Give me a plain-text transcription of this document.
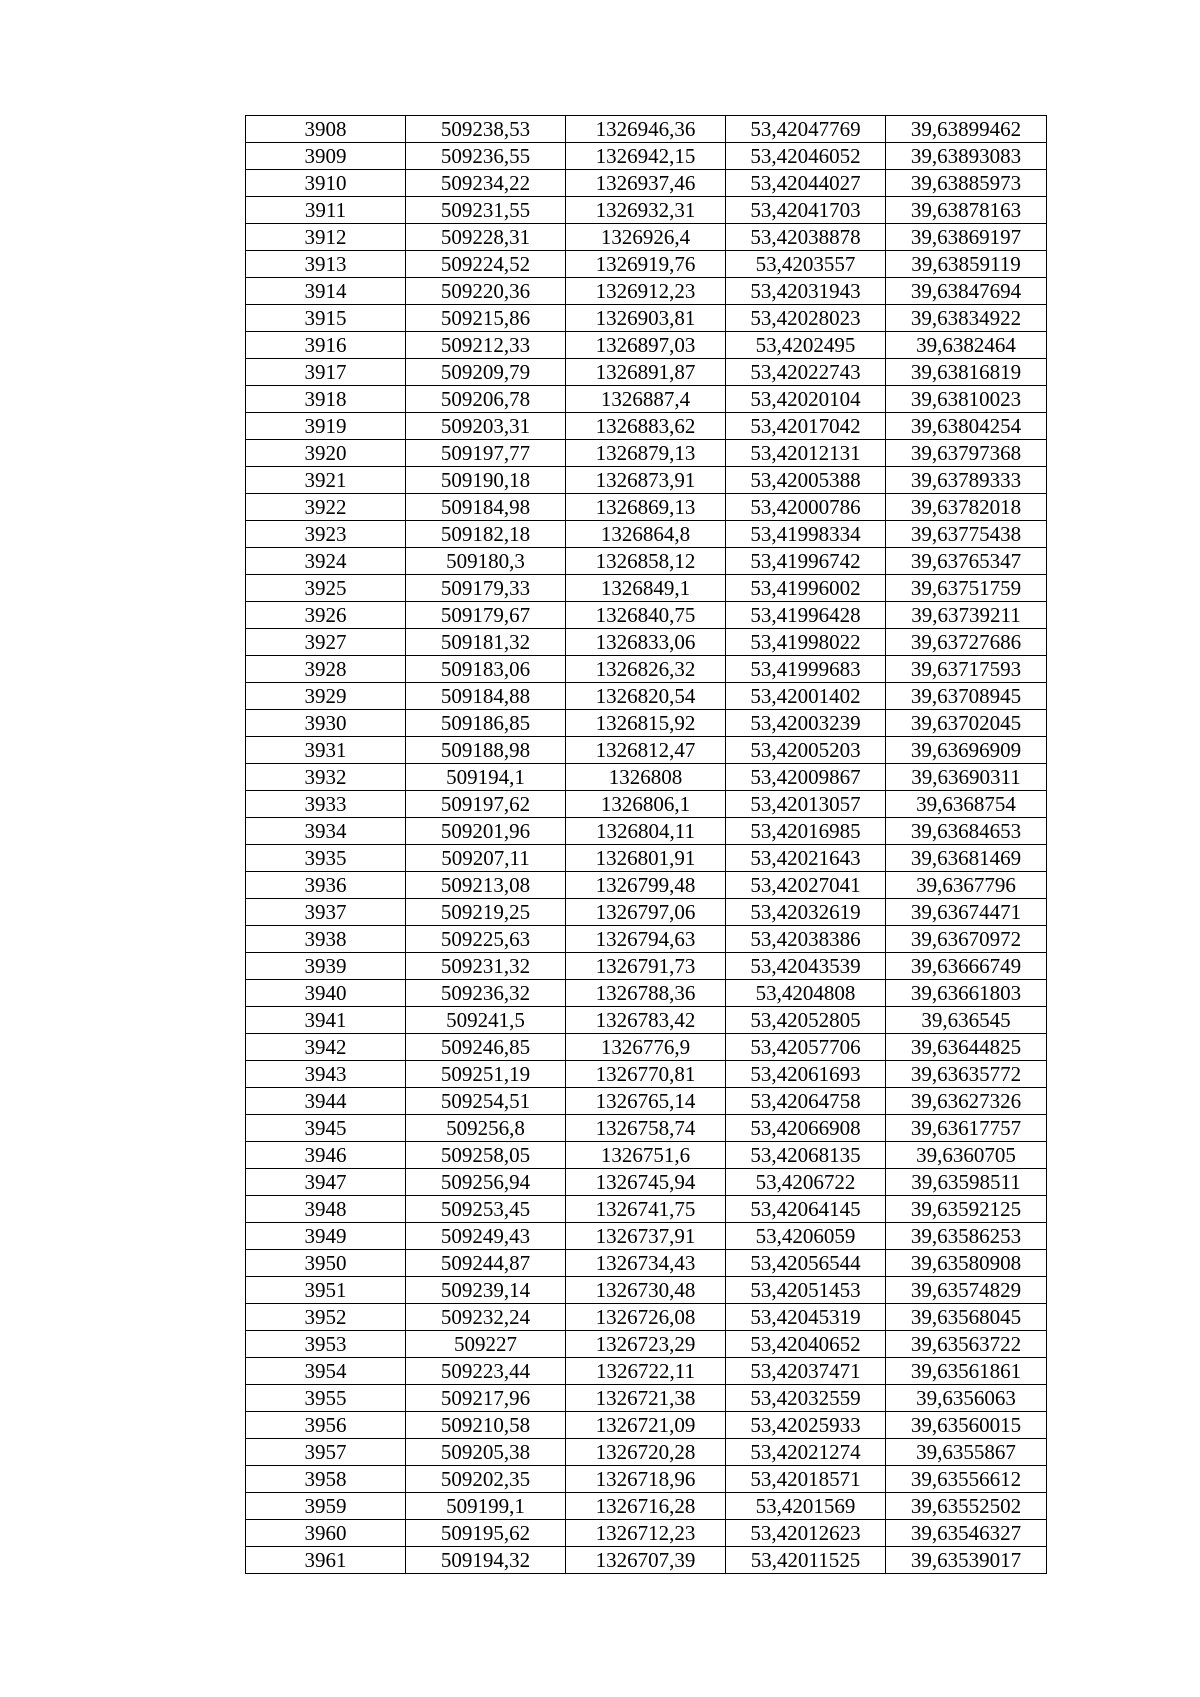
3908	509238,53	1326946,36	53,42047769	39,63899462
3909	509236,55	1326942,15	53,42046052	39,63893083
3910	509234,22	1326937,46	53,42044027	39,63885973
3911	509231,55	1326932,31	53,42041703	39,63878163
3912	509228,31	1326926,4	53,42038878	39,63869197
3913	509224,52	1326919,76	53,4203557	39,63859119
3914	509220,36	1326912,23	53,42031943	39,63847694
3915	509215,86	1326903,81	53,42028023	39,63834922
3916	509212,33	1326897,03	53,4202495	39,6382464
3917	509209,79	1326891,87	53,42022743	39,63816819
3918	509206,78	1326887,4	53,42020104	39,63810023
3919	509203,31	1326883,62	53,42017042	39,63804254
3920	509197,77	1326879,13	53,42012131	39,63797368
3921	509190,18	1326873,91	53,42005388	39,63789333
3922	509184,98	1326869,13	53,42000786	39,63782018
3923	509182,18	1326864,8	53,41998334	39,63775438
3924	509180,3	1326858,12	53,41996742	39,63765347
3925	509179,33	1326849,1	53,41996002	39,63751759
3926	509179,67	1326840,75	53,41996428	39,63739211
3927	509181,32	1326833,06	53,41998022	39,63727686
3928	509183,06	1326826,32	53,41999683	39,63717593
3929	509184,88	1326820,54	53,42001402	39,63708945
3930	509186,85	1326815,92	53,42003239	39,63702045
3931	509188,98	1326812,47	53,42005203	39,63696909
3932	509194,1	1326808	53,42009867	39,63690311
3933	509197,62	1326806,1	53,42013057	39,6368754
3934	509201,96	1326804,11	53,42016985	39,63684653
3935	509207,11	1326801,91	53,42021643	39,63681469
3936	509213,08	1326799,48	53,42027041	39,6367796
3937	509219,25	1326797,06	53,42032619	39,63674471
3938	509225,63	1326794,63	53,42038386	39,63670972
3939	509231,32	1326791,73	53,42043539	39,63666749
3940	509236,32	1326788,36	53,4204808	39,63661803
3941	509241,5	1326783,42	53,42052805	39,636545
3942	509246,85	1326776,9	53,42057706	39,63644825
3943	509251,19	1326770,81	53,42061693	39,63635772
3944	509254,51	1326765,14	53,42064758	39,63627326
3945	509256,8	1326758,74	53,42066908	39,63617757
3946	509258,05	1326751,6	53,42068135	39,6360705
3947	509256,94	1326745,94	53,4206722	39,63598511
3948	509253,45	1326741,75	53,42064145	39,63592125
3949	509249,43	1326737,91	53,4206059	39,63586253
3950	509244,87	1326734,43	53,42056544	39,63580908
3951	509239,14	1326730,48	53,42051453	39,63574829
3952	509232,24	1326726,08	53,42045319	39,63568045
3953	509227	1326723,29	53,42040652	39,63563722
3954	509223,44	1326722,11	53,42037471	39,63561861
3955	509217,96	1326721,38	53,42032559	39,6356063
3956	509210,58	1326721,09	53,42025933	39,63560015
3957	509205,38	1326720,28	53,42021274	39,6355867
3958	509202,35	1326718,96	53,42018571	39,63556612
3959	509199,1	1326716,28	53,4201569	39,63552502
3960	509195,62	1326712,23	53,42012623	39,63546327
3961	509194,32	1326707,39	53,42011525	39,63539017
